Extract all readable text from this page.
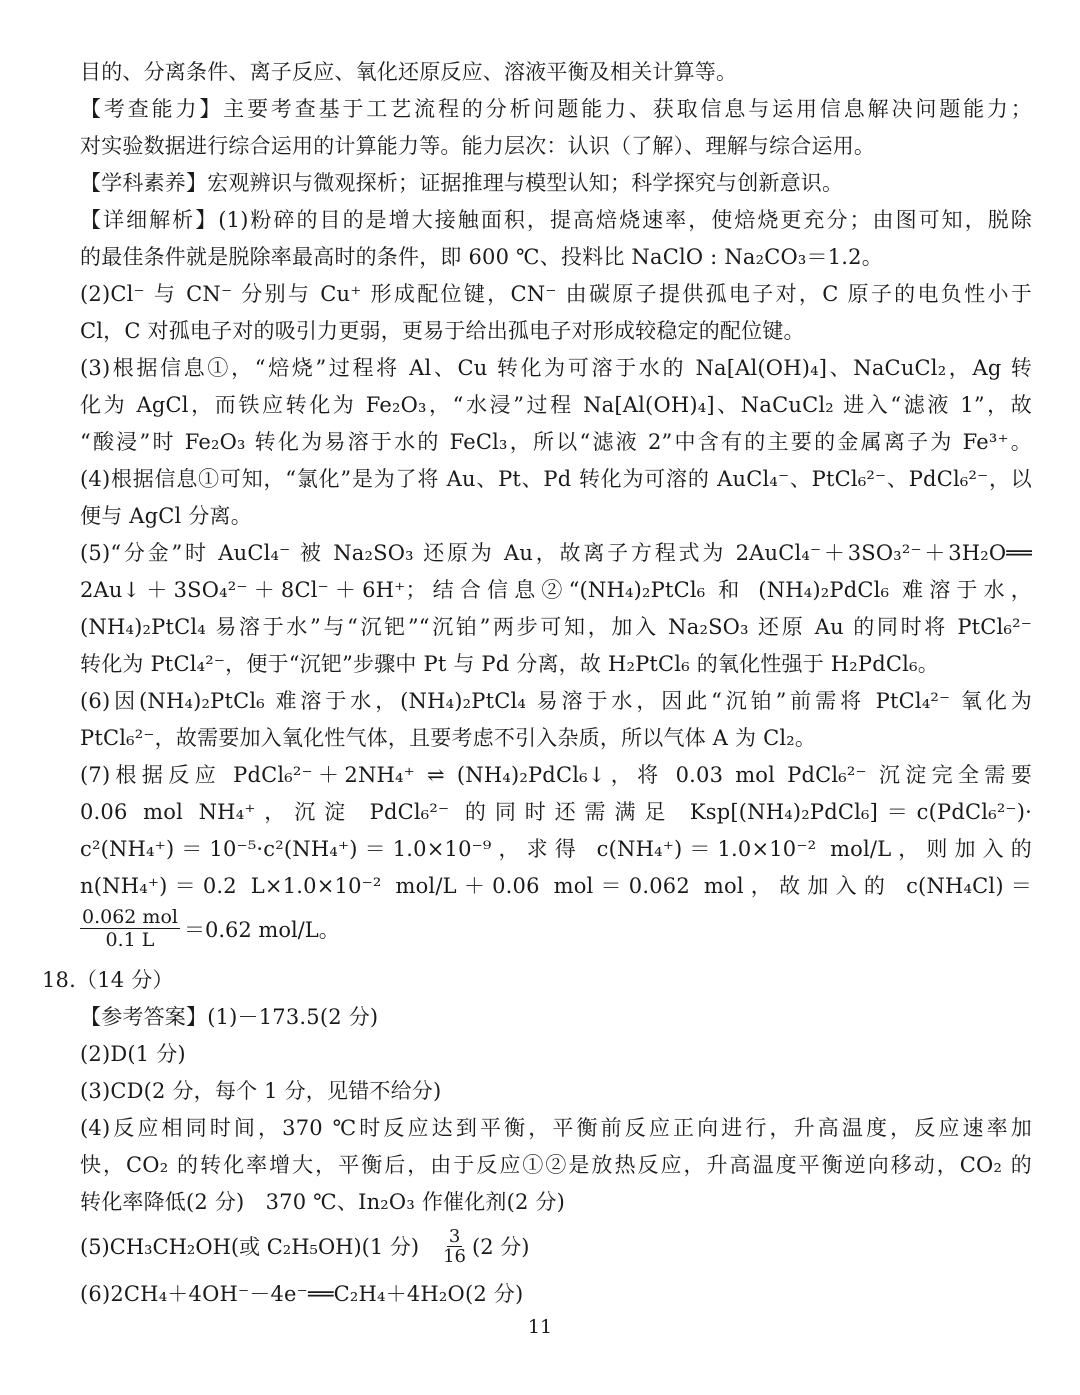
目的、分离条件、离子反应、氧化还原反应、溶液平衡及相关计算等。
【考查能力】主要考查基于工艺流程的分析问题能力、获取信息与运用信息解决问题能力；
对实验数据进行综合运用的计算能力等。能力层次：认识（了解）、理解与综合运用。
【学科素养】宏观辨识与微观探析；证据推理与模型认知；科学探究与创新意识。
【详细解析】(1)粉碎的目的是增大接触面积，提高焙烧速率，使焙烧更充分；由图可知，脱除
的最佳条件就是脱除率最高时的条件，即 600 ℃、投料比 NaClO : Na₂CO₃＝1.2。
(2)Cl⁻ 与 CN⁻ 分别与 Cu⁺ 形成配位键，CN⁻ 由碳原子提供孤电子对，C 原子的电负性小于
Cl，C 对孤电子对的吸引力更弱，更易于给出孤电子对形成较稳定的配位键。
(3)根据信息①，“焙烧”过程将 Al、Cu 转化为可溶于水的 Na[Al(OH)₄]、NaCuCl₂，Ag 转
化为 AgCl，而铁应转化为 Fe₂O₃，“水浸”过程 Na[Al(OH)₄]、NaCuCl₂ 进入“滤液 1”，故
“酸浸”时 Fe₂O₃ 转化为易溶于水的 FeCl₃，所以“滤液 2”中含有的主要的金属离子为 Fe³⁺。
(4)根据信息①可知，“氯化”是为了将 Au、Pt、Pd 转化为可溶的 AuCl₄⁻、PtCl₆²⁻、PdCl₆²⁻，以
便与 AgCl 分离。
(5)“分金”时 AuCl₄⁻ 被 Na₂SO₃ 还原为 Au，故离子方程式为 2AuCl₄⁻＋3SO₃²⁻＋3H₂O══
2Au↓＋3SO₄²⁻＋8Cl⁻＋6H⁺；结合信息②“(NH₄)₂PtCl₆ 和 (NH₄)₂PdCl₆ 难溶于水，
(NH₄)₂PtCl₄ 易溶于水”与“沉钯”“沉铂”两步可知，加入 Na₂SO₃ 还原 Au 的同时将 PtCl₆²⁻
转化为 PtCl₄²⁻，便于“沉钯”步骤中 Pt 与 Pd 分离，故 H₂PtCl₆ 的氧化性强于 H₂PdCl₆。
(6)因(NH₄)₂PtCl₆ 难溶于水，(NH₄)₂PtCl₄ 易溶于水，因此“沉铂”前需将 PtCl₄²⁻ 氧化为
PtCl₆²⁻，故需要加入氧化性气体，且要考虑不引入杂质，所以气体 A 为 Cl₂。
(7)根据反应 PdCl₆²⁻＋2NH₄⁺ ⇌ (NH₄)₂PdCl₆↓，将 0.03 mol PdCl₆²⁻ 沉淀完全需要
0.06 mol NH₄⁺，沉淀 PdCl₆²⁻ 的同时还需满足 Ksp[(NH₄)₂PdCl₆]＝c(PdCl₆²⁻)·
c²(NH₄⁺)＝10⁻⁵·c²(NH₄⁺)＝1.0×10⁻⁹，求得 c(NH₄⁺)＝1.0×10⁻² mol/L，则加入的
n(NH₄⁺)＝0.2 L×1.0×10⁻² mol/L＋0.06 mol＝0.062 mol，故加入的 c(NH₄Cl)＝
$\frac{\text{0.062 mol}}{0.1 L} =0.62$ mol/L。
18.（14 分）
【参考答案】(1)－173.5(2 分)
(2)D(1 分)
(3)CD(2 分，每个 1 分，见错不给分)
(4)反应相同时间，370 ℃时反应达到平衡，平衡前反应正向进行，升高温度，反应速率加
快，CO₂ 的转化率增大，平衡后，由于反应①②是放热反应，升高温度平衡逆向移动，CO₂ 的
转化率降低(2 分)　370 ℃、In₂O₃ 作催化剂(2 分)
(5)CH₃CH₂OH(或 C₂H₅OH)(1 分) $\frac{3}{16} (2$ 分)
(6)2CH₄＋4OH⁻－4e⁻══C₂H₄＋4H₂O(2 分)
11
